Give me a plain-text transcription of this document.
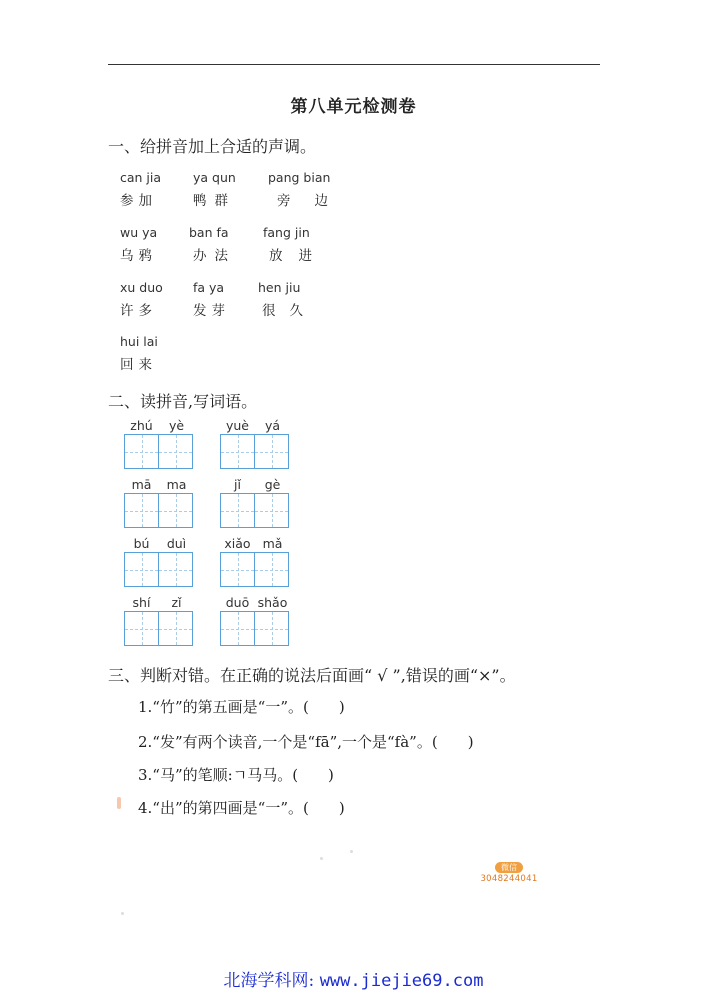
第八单元检测卷
一、给拼音加上合适的声调。
can jia
参加
ya qun
鸭群
pang bian
旁边
wu ya
乌鸦
ban fa
办法
fang jin
放进
xu duo
许多
fa ya
发芽
hen jiu
很久
hui lai
回来
二、读拼音,写词语。
zhú yè	yuè yá
mā ma	jǐ gè
bú duì	xiǎo mǎ
shí zǐ	duō shǎo
三、判断对错。在正确的说法后面画“ √ ”,错误的画“×”。
1.“竹”的第五画是“一”。(　　)
2.“发”有两个读音,一个是“fā”,一个是“fà”。(　　)
3.“马”的笔顺:ㄱ马马。(　　)
4.“出”的第四画是“一”。(　　)
微信
3048244041
北海学科网: www.jiejie69.com
